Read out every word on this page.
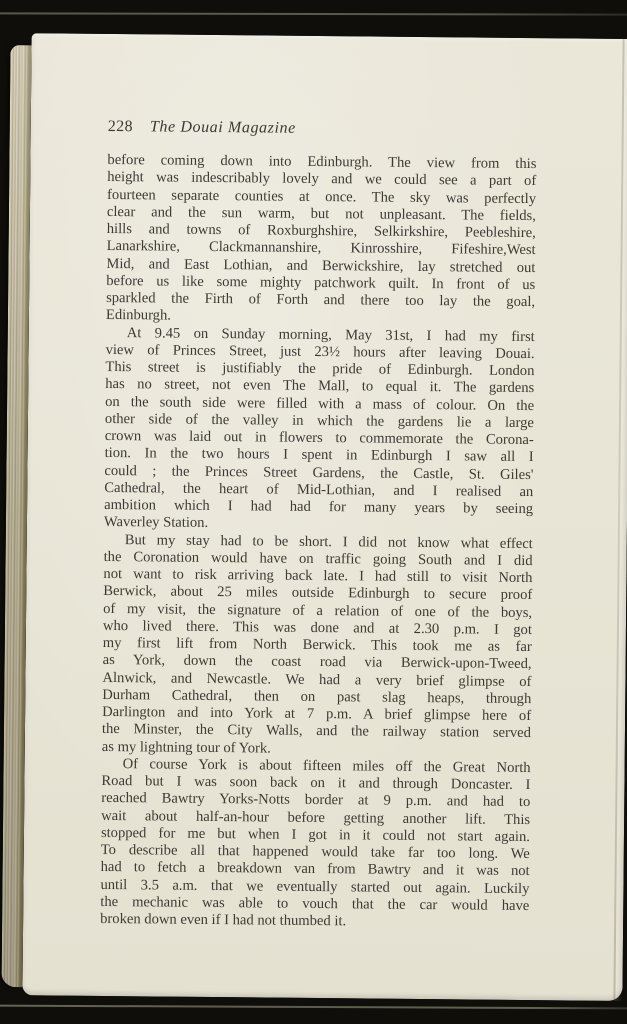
228 The Douai Magazine
before coming down into Edinburgh. The view from this
height was indescribably lovely and we could see a part of
fourteen separate counties at once. The sky was perfectly
clear and the sun warm, but not unpleasant. The fields,
hills and towns of Roxburghshire, Selkirkshire, Peebleshire,
Lanarkshire, Clackmannanshire, Kinrosshire, Fifeshire,West
Mid, and East Lothian, and Berwickshire, lay stretched out
before us like some mighty patchwork quilt. In front of us
sparkled the Firth of Forth and there too lay the goal,
Edinburgh.
At 9.45 on Sunday morning, May 31st, I had my first
view of Princes Street, just 23½ hours after leaving Douai.
This street is justifiably the pride of Edinburgh. London
has no street, not even The Mall, to equal it. The gardens
on the south side were filled with a mass of colour. On the
other side of the valley in which the gardens lie a large
crown was laid out in flowers to commemorate the Corona-
tion. In the two hours I spent in Edinburgh I saw all I
could ; the Princes Street Gardens, the Castle, St. Giles'
Cathedral, the heart of Mid-Lothian, and I realised an
ambition which I had had for many years by seeing
Waverley Station.
But my stay had to be short. I did not know what effect
the Coronation would have on traffic going South and I did
not want to risk arriving back late. I had still to visit North
Berwick, about 25 miles outside Edinburgh to secure proof
of my visit, the signature of a relation of one of the boys,
who lived there. This was done and at 2.30 p.m. I got
my first lift from North Berwick. This took me as far
as York, down the coast road via Berwick-upon-Tweed,
Alnwick, and Newcastle. We had a very brief glimpse of
Durham Cathedral, then on past slag heaps, through
Darlington and into York at 7 p.m. A brief glimpse here of
the Minster, the City Walls, and the railway station served
as my lightning tour of York.
Of course York is about fifteen miles off the Great North
Road but I was soon back on it and through Doncaster. I
reached Bawtry Yorks-Notts border at 9 p.m. and had to
wait about half-an-hour before getting another lift. This
stopped for me but when I got in it could not start again.
To describe all that happened would take far too long. We
had to fetch a breakdown van from Bawtry and it was not
until 3.5 a.m. that we eventually started out again. Luckily
the mechanic was able to vouch that the car would have
broken down even if I had not thumbed it.
